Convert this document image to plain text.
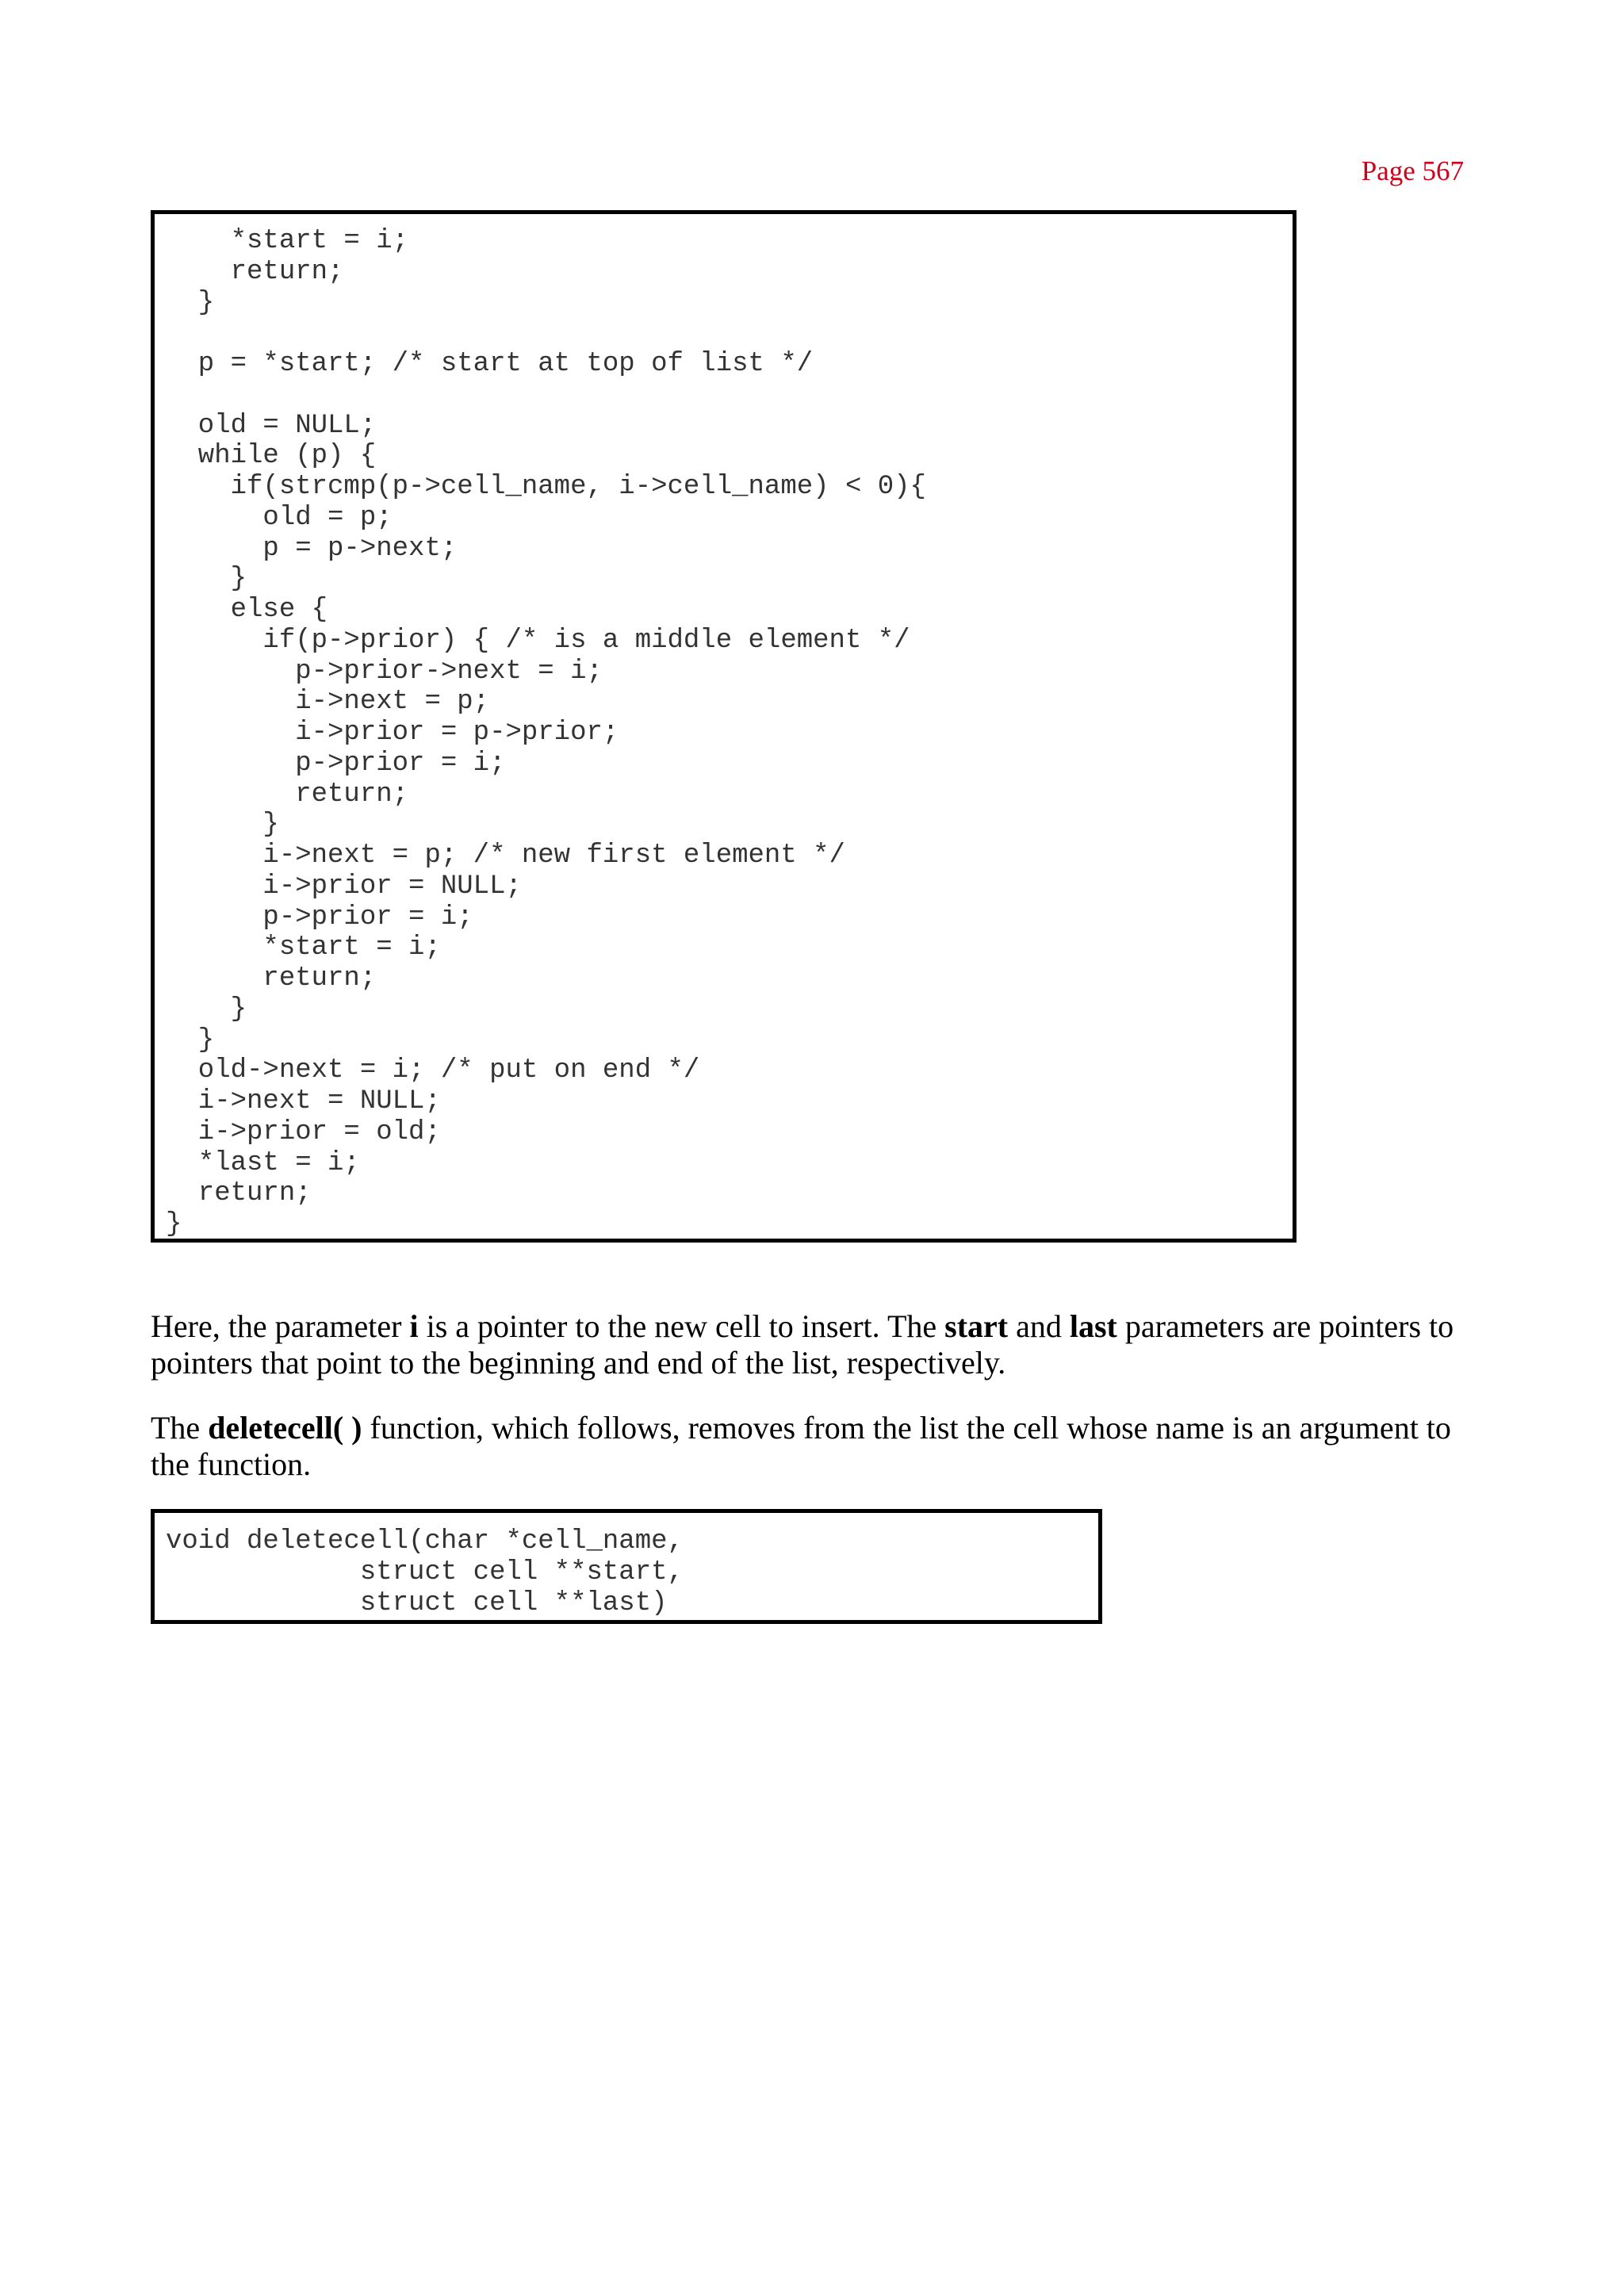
Page 567
*start = i;
return;
}
p = *start; /* start at top of list */
old = NULL;
while (p) {
if(strcmp(p->cell_name, i->cell_name) < 0){
old = p;
p = p->next;
}
else {
if(p->prior) { /* is a middle element */
p->prior->next = i;
i->next = p;
i->prior = p->prior;
p->prior = i;
return;
}
i->next = p; /* new first element */
i->prior = NULL;
p->prior = i;
*start = i;
return;
}
}
old->next = i; /* put on end */
i->next = NULL;
i->prior = old;
*last = i;
return;
}

Here, the parameter i is a pointer to the new cell to insert. The start and last parameters are pointers to pointers that point to the beginning and end of the list, respectively.

The deletecell( ) function, which follows, removes from the list the cell whose name is an argument to the function.

void deletecell(char *cell_name,
struct cell **start,
struct cell **last)
